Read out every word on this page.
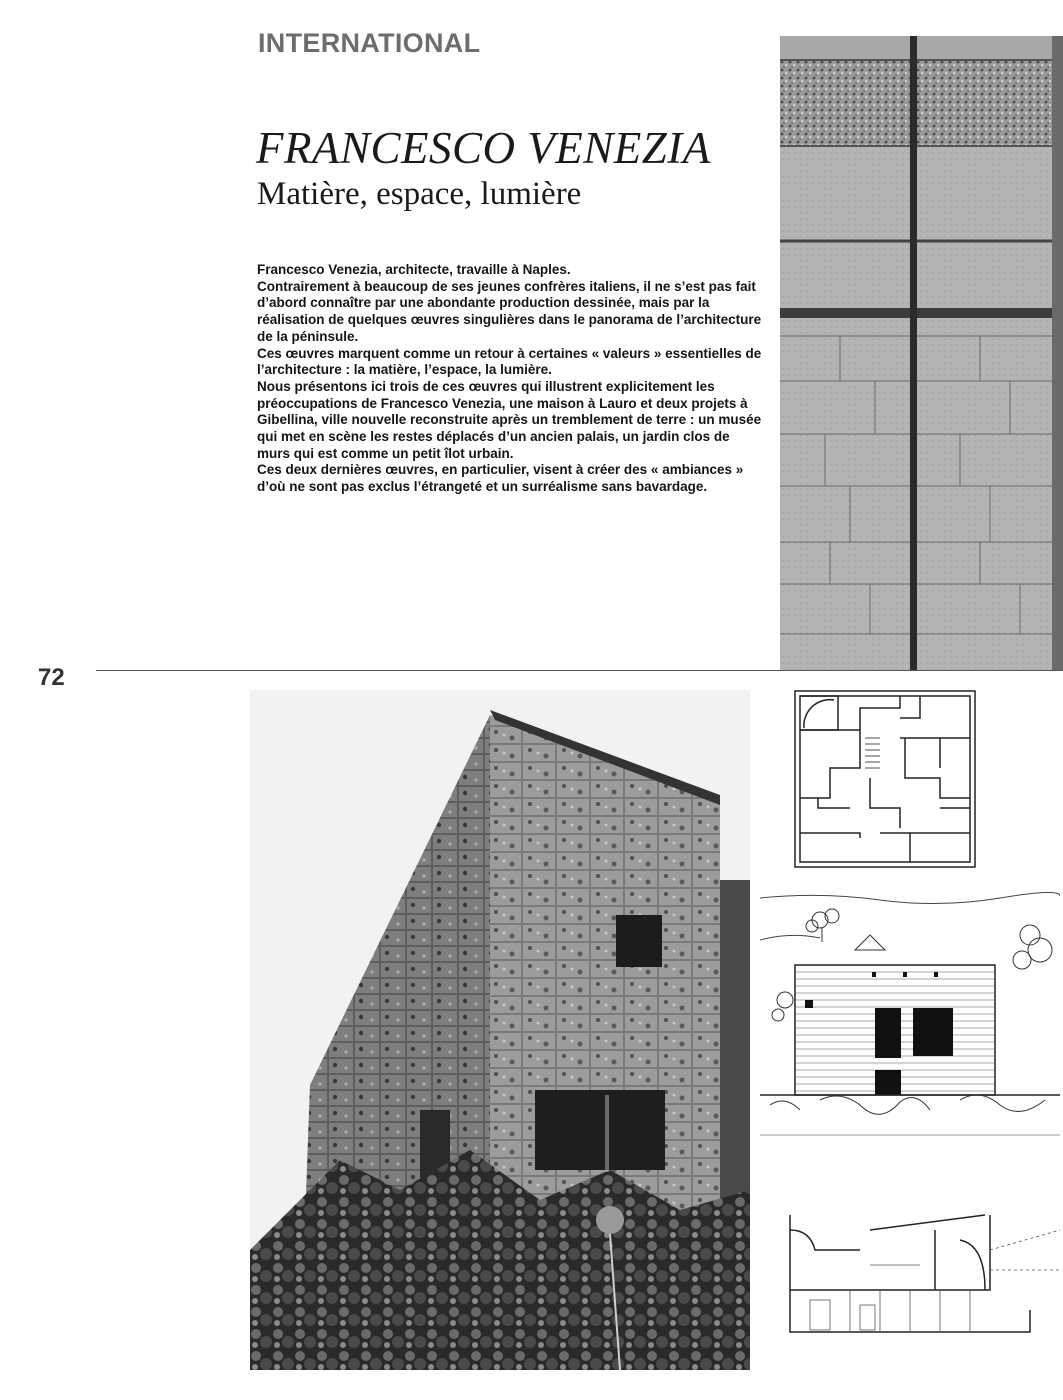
INTERNATIONAL
FRANCESCO VENEZIA
Matière, espace, lumière

Francesco Venezia, architecte, travaille à Naples.

Contrairement à beaucoup de ses jeunes confrères italiens, il ne s’est pas fait d’abord connaître par une abondante production dessinée, mais par la réalisation de quelques œuvres singulières dans le panorama de l’architecture de la péninsule.

Ces œuvres marquent comme un retour à certaines « valeurs » essentielles de l’architecture : la matière, l’espace, la lumière.

Nous présentons ici trois de ces œuvres qui illustrent explicitement les préoccupations de Francesco Venezia, une maison à Lauro et deux projets à Gibellina, ville nouvelle reconstruite après un tremblement de terre : un musée qui met en scène les restes déplacés d’un ancien palais, un jardin clos de murs qui est comme un petit îlot urbain.

Ces deux dernières œuvres, en particulier, visent à créer des « ambiances » d’où ne sont pas exclus l’étrangeté et un surréalisme sans bavardage.

72
